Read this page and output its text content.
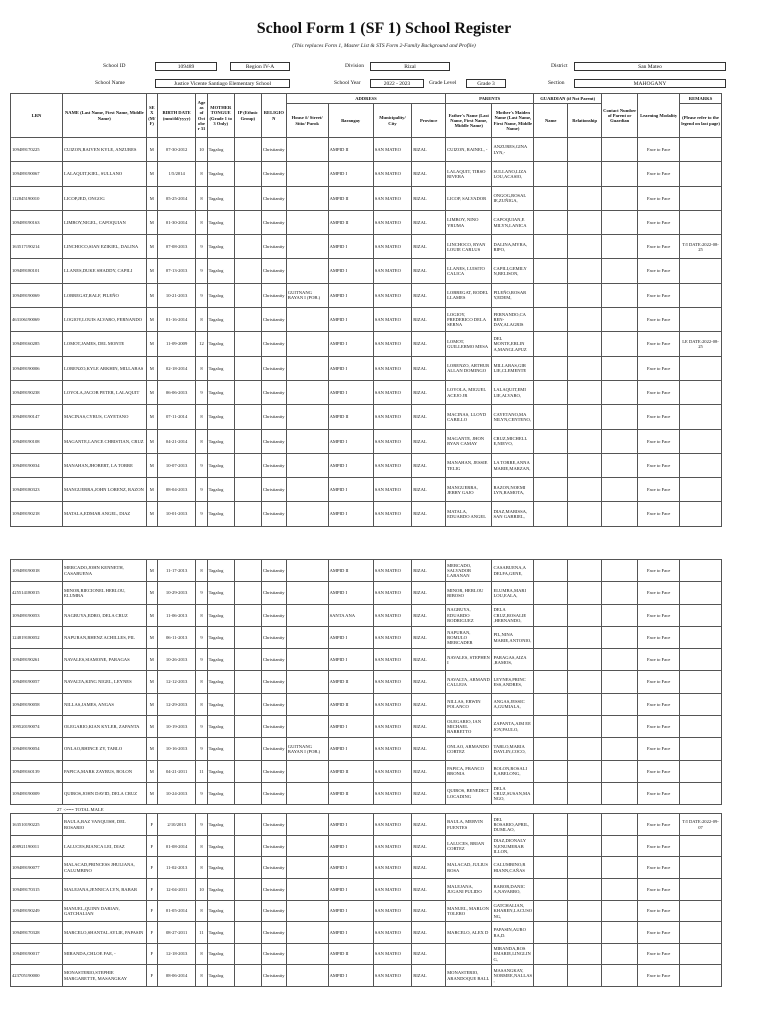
School Form 1 (SF 1) School Register
(This replaces Form 1, Master List & STS Form 2-Family Background and Profile)
School ID	109489	Region IV-A	Division	Rizal	District	San Mateo
School Name	Justice Vicente Santiago Elementary School	School Year	2022 - 2023	Grade Level	Grade 3	Section	MAHOGANY
LRN	NAME (Last Name, First Name, Middle Name)	SEX (M/F)	BIRTH DATE (mm/dd/yyyy)	Age as of October 31	MOTHER TONGUE (Grade 1 to 3 Only)	IP (Ethnic Group)	RELIGION	ADDRESS				PARENTS		GUARDIAN (if Not Parent)		Contact Number of Parent or Guardian	Learning Modality	REMARKS
								House #/ Street/ Sitio/ Purok	Barangay	Municipality/ City	Province	Father's Name (Last Name, First Name, Middle Name)	Mother's Maiden Name (Last Name, First Name, Middle Name)	Name	Relationship			(Please refer to the legend on last page)
109489170225	CUIZON,RAIVEN KYLE, ANZURES	M	07-30-2012	10	Tagalog		Christianity		AMPID II	SAN MATEO	RIZAL	CUIZON, RAINEL, -	ANZURES,GINA LYN,-				Face to Face	
109489190067	LALAQUIT,KIEL, SULLANO	M	1/5/2014	8	Tagalog		Christianity		AMPID I	SAN MATEO	RIZAL	LALAQUIT, TIRSO RIVERA	SULLANO,LIZA LOU,ACASIO,				Face to Face	
112845190010	LICOP,JED, ONGOG	M	05-25-2014	8	Tagalog		Christianity		AMPID II	SAN MATEO	RIZAL	LICOP, SALVADOR	ONGOG,ROSAL IE,ZUÑIGA,				Face to Face	
109489190163	LIMBOY,NIGEL, CAPOQUIAN	M	01-30-2014	8	Tagalog		Christianity		AMPID II	SAN MATEO	RIZAL	LIMBOY, NINO YRUMA	CAPOQUIAN,E MILYN,LANICA				Face to Face	
163517190214	LINCHOCO,SIAN EZIKIEL, DALINA	M	07-08-2013	9	Tagalog		Christianity		AMPID I	SAN MATEO	RIZAL	LINCHOCO, RYAN LOUIE CARLUS	DALINA,MYRA, RIPO,				Face to Face	T/I DATE:2022-08-25
109489180101	LLANES,DUKE SHADDY, CAPILI	M	07-13-2013	9	Tagalog		Christianity		AMPID I	SAN MATEO	RIZAL	LLANES, LUISITO CALICA	CAPILI,GEMILY N,BELISON,				Face to Face	
109489190069	LOBREGAT,RALF, PILEÑO	M	10-21-2013	9	Tagalog		Christianity	GUITNANG BAYAN I (POB.)	AMPID I	SAN MATEO	RIZAL	LOBREGAT, RODEL LLAMES	PILEÑO,ROSAR Y,EDEM,				Face to Face	
463106190069	LOGIOY,LOUIS ALVARO, FERNANDO	M	01-16-2014	8	Tagalog		Christianity		AMPID I	SAN MATEO	RIZAL	LOGIOY, FREDERICO DELA SERNA	FERNANDO,CA REN-DAY,ALAGRIS				Face to Face	
109489160285	LOMOT,JAMES, DEL MONTE	M	11-09-2009	12	Tagalog		Christianity		AMPID I	SAN MATEO	RIZAL	LOMOT, GUILLERMO MESA	DEL MONTE,ERLIN A,MANGLAPUZ				Face to Face	LE DATE:2022-08-25
109489190006	LORENZO,KYLE ARKHIN, MILLABAS	M	02-18-2014	8	Tagalog		Christianity		AMPID I	SAN MATEO	RIZAL	LORENZO, ARTHUR ALLAN DOMINGO	MILLABAS,GIR LIE,CLEMENTE				Face to Face	
109489190238	LOYOLA,JACOB PETER, LALAQUIT	M	06-06-2013	9	Tagalog		Christianity		AMPID I	SAN MATEO	RIZAL	LOYOLA, MIGUEL ACEJO JR	LALAQUIT,EMI LIE,ALVARO,				Face to Face	
109489190147	MACINAS,CYRUS, CAYETANO	M	07-11-2014	8	Tagalog		Christianity		AMPID II	SAN MATEO	RIZAL	MACINAS, LLOYD CABILLO	CAYETANO,MA NILYN,CENTENO,				Face to Face	
109489190108	MAGANTE,LANCE CHRISTIAN, CRUZ	M	04-21-2014	8	Tagalog		Christianity		AMPID I	SAN MATEO	RIZAL	MAGANTE, JHON RYAN CAMAY	CRUZ,MICHELL E,NIEVO,				Face to Face	
109489190034	MANAHAN,JHOBERT, LA TORRE	M	10-07-2013	9	Tagalog		Christianity		AMPID I	SAN MATEO	RIZAL	MANAHAN, JESSIE TELIG	LA TORRE,ANNA MARIE,MARZAN,				Face to Face	
109489180323	MANGUERRA,JOHN LORENZ, RAZON	M	08-04-2013	9	Tagalog		Christianity		AMPID I	SAN MATEO	RIZAL	MANGUERRA, JERRY GAJO	RAZON,NOEMI LYN,RAMOTA,				Face to Face	
109489190218	MATALA,EDMAR ANGEL, DIAZ	M	10-01-2013	9	Tagalog		Christianity		AMPID I	SAN MATEO	RIZAL	MATALA, EDUARDO ANGEL	DIAZ,MARISSA, SAN GABRIEL,				Face to Face	
109489190018	MERCADO,JOHN KENNETH, CASABUENA	M	11-17-2013	8	Tagalog		Christianity		AMPID II	SAN MATEO	RIZAL	MERCADO, SALVADOR LABANAN	CASABUENA,A DELFA,GENE,				Face to Face	
425514180015	MINOR,RIECIONEL HERLOU, ELUMBA	M	10-29-2013	9	Tagalog		Christianity		AMPID I	SAN MATEO	RIZAL	MINOR, HERLOU BIBOSO	ELUMBA,MARI LOU,EALA,				Face to Face	
109489190053	NAGBUYA,EDRO, DELA CRUZ	M	11-06-2013	8	Tagalog		Christianity		SANTA ANA	SAN MATEO	RIZAL	NAGBUYA, EDUARDO RODRIGUEZ	DELA CRUZ,ROSALIE ,HERNANDO,				Face to Face	
124819180052	NAPURAN,RHENZ ACHILLES, PIL	M	06-11-2013	9	Tagalog		Christianity		AMPID I	SAN MATEO	RIZAL	NAPURAN, ROMULO MERCADER	PIL,NINA MARIE,ANTONIO,				Face to Face	
109489190261	NAVALES,SIAMONE, PARAGAS	M	10-26-2013	9	Tagalog		Christianity		AMPID I	SAN MATEO	RIZAL	NAVALES, STEPHEN I	PARAGAS,AIZA ,RAMOS,				Face to Face	
109489190057	NAVALTA,KING NIGEL, LEYNES	M	12-12-2013	8	Tagalog		Christianity		AMPID II	SAN MATEO	RIZAL	NAVALTA, ARMAND CALLEJA	LEYNES,PRINC ESS,ANDRES,				Face to Face	
109489190058	NILLAS,JAMES, ANGAS	M	12-29-2013	8	Tagalog		Christianity		AMPID II	SAN MATEO	RIZAL	NILLAS, ERWIN POLANCO	ANGAS,JESSIC A,GUMIALA,				Face to Face	
109520190074	OLEGARIO,KIAN KYLER, ZAPANTA	M	10-19-2013	9	Tagalog		Christianity		AMPID I	SAN MATEO	RIZAL	OLEGARIO, IAN MICHAEL BARRETTO	ZAPANTA,AIM EE JOY,PAULO,				Face to Face	
109489190054	ONLAO,RHINCE ZY, TABLO	M	10-16-2013	9	Tagalog		Christianity	GUITNANG BAYAN I (POB.)	AMPID I	SAN MATEO	RIZAL	ONLAO, ARMANDO CORTEZ	TABLO,MARIA DAYLIN,COCO,				Face to Face	
109489160139	PAPICA,MARK ZAYRUS, BOLON	M	04-21-2011	11	Tagalog		Christianity		AMPID II	SAN MATEO	RIZAL	PAPICA, FRANCO BRONIA	BOLON,ROSALI E,ABELONG,				Face to Face	
109489190009	QUIROS,JOHN DAVID, DELA CRUZ	M	10-24-2013	9	Tagalog		Christianity		AMPID II	SAN MATEO	RIZAL	QUIROS, BENEDICT LOCADING	DELA CRUZ,SUSAN,MANGO,				Face to Face	
27	<=== TOTAL MALE																	
163510190225	BAULA,BAZ VANQUISH, DEL ROSARIO	F	2/10/2013	9	Tagalog		Christianity		AMPID I	SAN MATEO	RIZAL	BAULA, MERVIN FUENTES	DEL ROSARIO,APRIL,DUMLAO,				Face to Face	T/I DATE:2022-09-07
408921190011	LALUCES,BIANCA LEI, DIAZ	F	01-08-2014	8	Tagalog		Christianity		AMPID I	SAN MATEO	RIZAL	LALUCES, BRIAN CORTEZ	DIAZ,DIONALY N,ENUMERAB ILLON,				Face to Face	
109489190077	MALACAD,PRINCESS JHULIANA, CALUMBINO	F	11-02-2013	8	Tagalog		Christianity		AMPID I	SAN MATEO	RIZAL	MALACAD, JULIUS ROSA	CALUMBINO,R HIANN,CAÑAS				Face to Face	
109489170315	MALEJANA,JENNICA LYN, BABAR	F	12-04-2011	10	Tagalog		Christianity		AMPID I	SAN MATEO	RIZAL	MALEJANA, JUGANI PULIDO	BABOR,DANIC A,NAVARRO,				Face to Face	
109489190249	MANUEL,QUINN DARIAN, GATCHALIAN	F	01-05-2014	8	Tagalog		Christianity		AMPID I	SAN MATEO	RIZAL	MANUEL, MARLON TOLERO	GATCHALIAN, KHAREN,LACUSONG,				Face to Face	
109489170328	MARCELO,SHANTAL AYLIE, PAPASIN	F	08-27-2011	11	Tagalog		Christianity		AMPID I	SAN MATEO	RIZAL	MARCELO, ALEX D	PAPASIN,AURO RA,D.				Face to Face	
109489190017	MIRANDA,CHLOE FAE, -	F	12-18-2013	8	Tagalog		Christianity		AMPID II	SAN MATEO	RIZAL		MIRANDA,ROS EMARIE,LINGLING,				Face to Face	
423705190000	MONASTERIO,STEPHIE MARGARETTE, MASANGKAY	F	08-06-2014	8	Tagalog		Christianity		AMPID I	SAN MATEO	RIZAL	MONASTERIO, ARANDOQUE BALL	MASANGKAY, NORMEE,NALLAS,				Face to Face	
